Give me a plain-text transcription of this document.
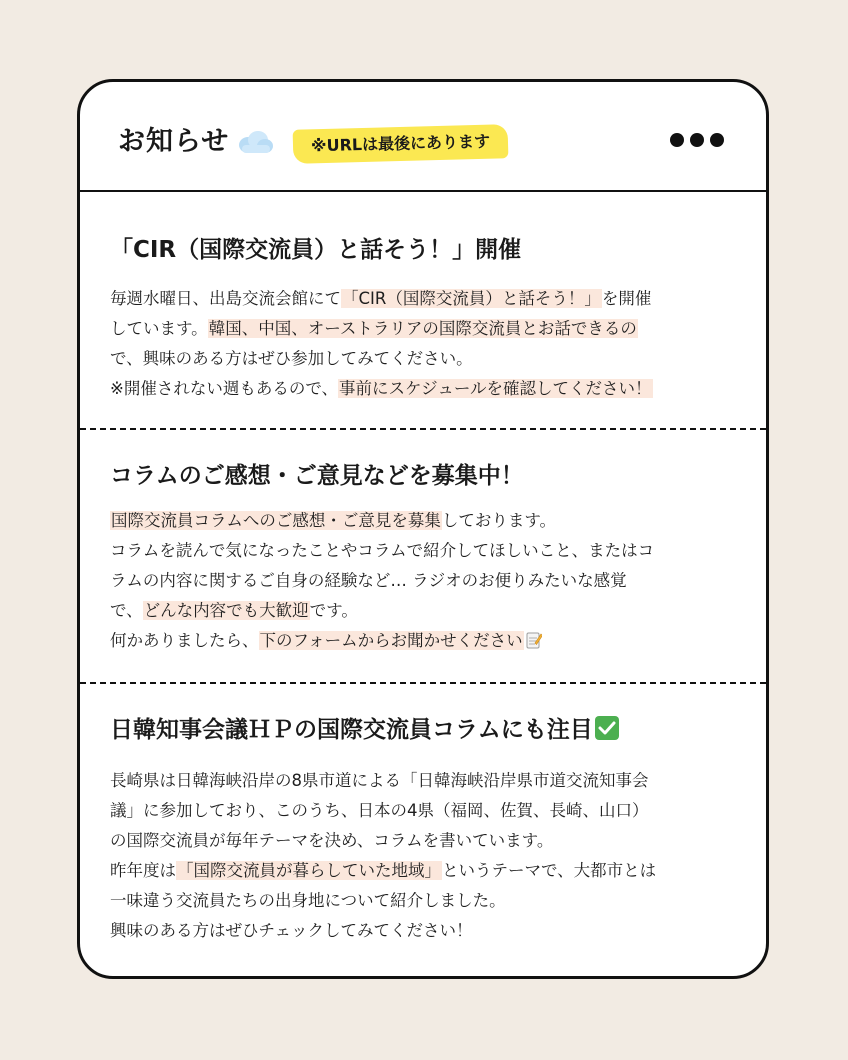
お知らせ	※URLは最後にあります
「CIR（国際交流員）と話そう！」開催
毎週水曜日、出島交流会館にて「CIR（国際交流員）と話そう！」を開催
しています。韓国、中国、オーストラリアの国際交流員とお話できるの
で、興味のある方はぜひ参加してみてください。
※開催されない週もあるので、事前にスケジュールを確認してください！
コラムのご感想・ご意見などを募集中！
国際交流員コラムへのご感想・ご意見を募集しております。
コラムを読んで気になったことやコラムで紹介してほしいこと、またはコ
ラムの内容に関するご自身の経験など… ラジオのお便りみたいな感覚
で、どんな内容でも大歓迎です。
何かありましたら、下のフォームからお聞かせください
日韓知事会議ＨＰの国際交流員コラムにも注目
長崎県は日韓海峡沿岸の8県市道による「日韓海峡沿岸県市道交流知事会
議」に参加しており、このうち、日本の4県（福岡、佐賀、長崎、山口）
の国際交流員が毎年テーマを決め、コラムを書いています。
昨年度は「国際交流員が暮らしていた地域」というテーマで、大都市とは
一味違う交流員たちの出身地について紹介しました。
興味のある方はぜひチェックしてみてください！
